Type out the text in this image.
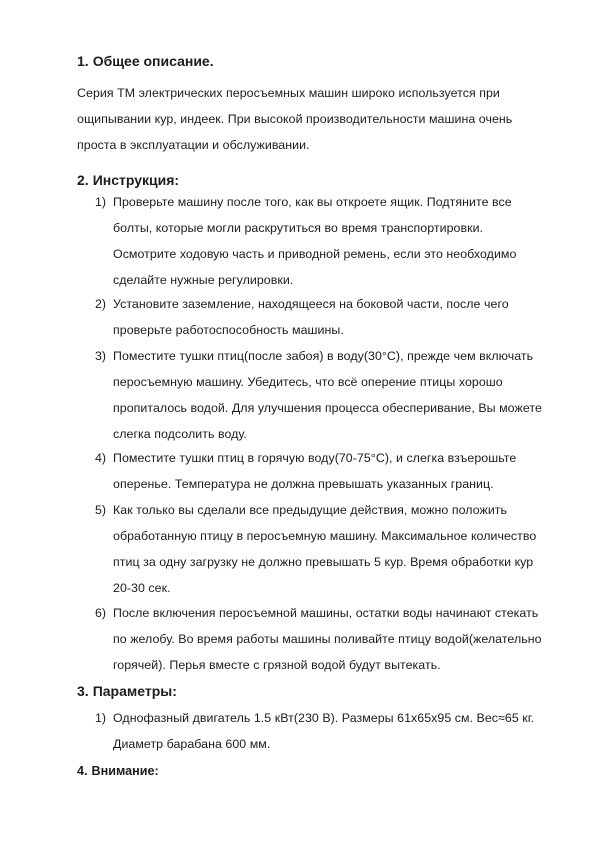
1. Общее описание.

Серия ТМ электрических перосъемных машин широко используется при

ощипывании кур, индеек. При высокой производительности машина очень

проста в эксплуатации и обслуживании.

2. Инструкция:
1) Проверьте машину после того, как вы откроете ящик. Подтяните все

болты, которые могли раскрутиться во время транспортировки.

Осмотрите ходовую часть и приводной ремень, если это необходимо

сделайте нужные регулировки.

2) Установите заземление, находящееся на боковой части, после чего

проверьте работоспособность машины.

3) Поместите тушки птиц(после забоя) в воду(30°С), прежде чем включать

перосъемную машину. Убедитесь, что всё оперение птицы хорошо

пропиталось водой. Для улучшения процесса обесперивание, Вы можете

слегка подсолить воду.

4) Поместите тушки птиц в горячую воду(70-75°С), и слегка взъерошьте

оперенье. Температура не должна превышать указанных границ.

5) Как только вы сделали все предыдущие действия, можно положить

обработанную птицу в перосъемную машину. Максимальное количество

птиц за одну загрузку не должно превышать 5 кур. Время обработки кур

20-30 сек.

6) После включения перосъемной машины, остатки воды начинают стекать

по желобу. Во время работы машины поливайте птицу водой(желательно

горячей). Перья вместе с грязной водой будут вытекать.

3. Параметры:
1) Однофазный двигатель 1.5 кВт(230 В). Размеры 61х65х95 см. Вес≈65 кг.

Диаметр барабана 600 мм.

4. Внимание:
